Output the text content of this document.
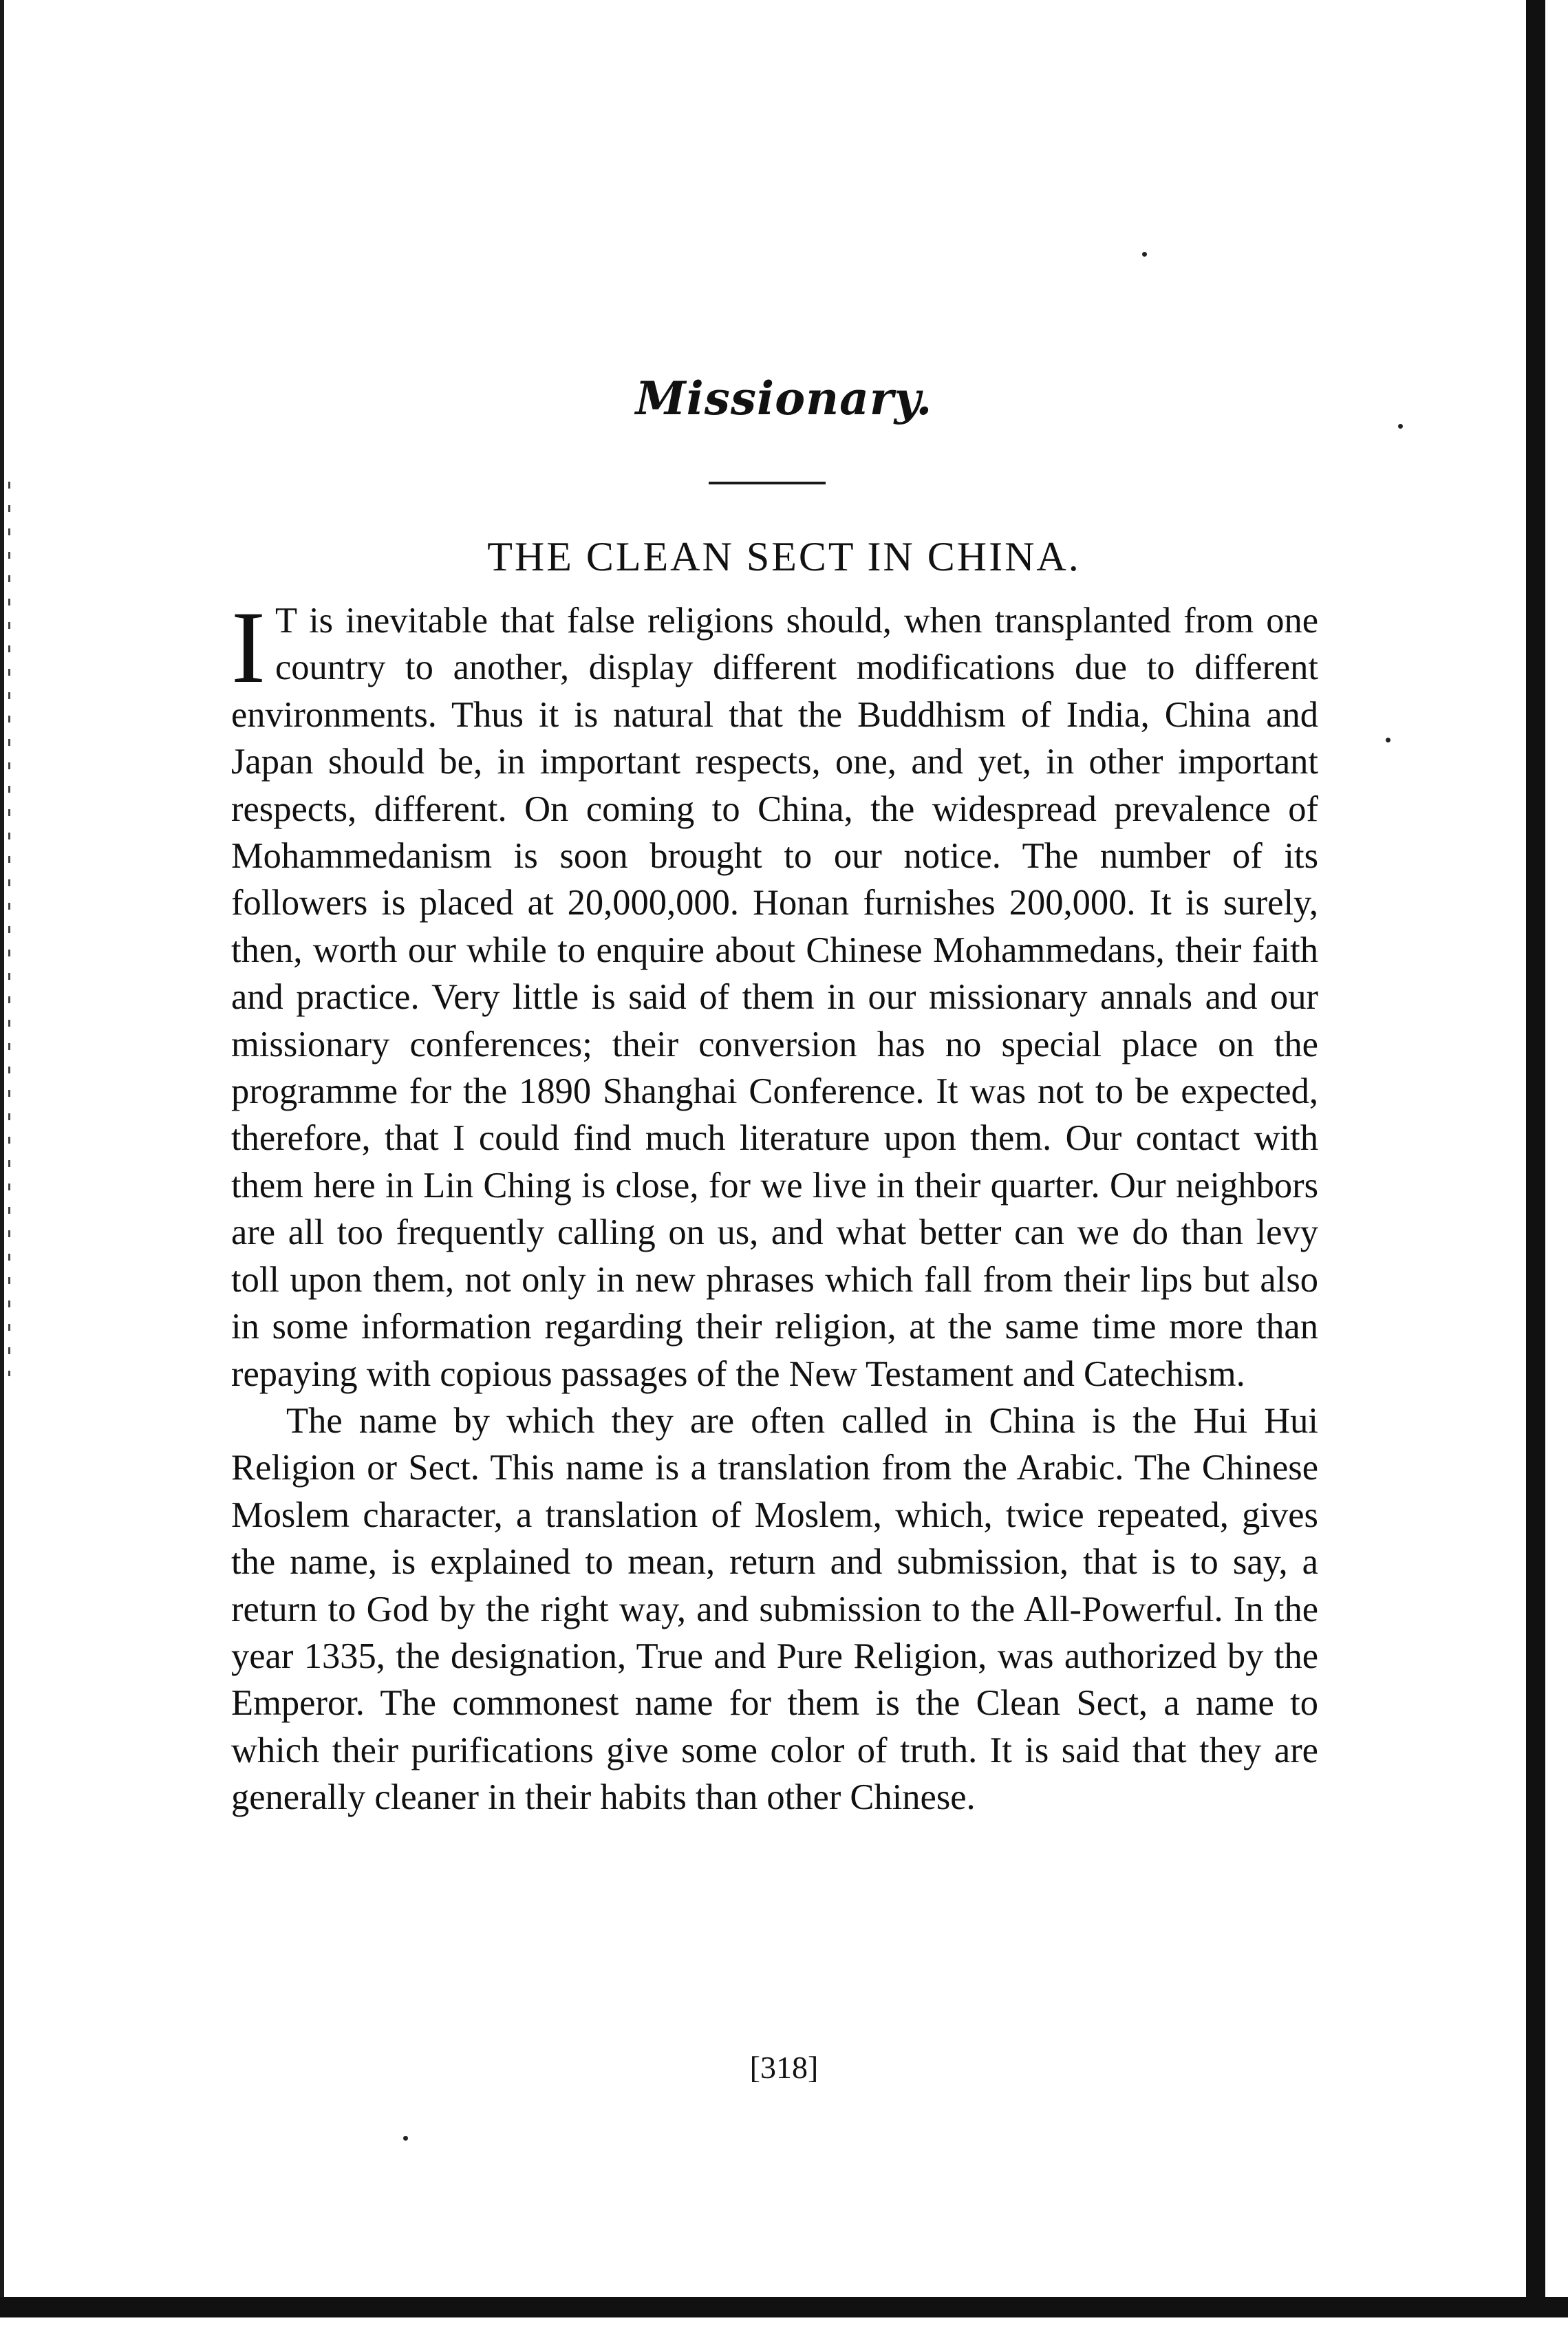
Missionary.
THE CLEAN SECT IN CHINA.

IT is inevitable that false religions should, when transplanted from one country to another, display different modifications due to different environments. Thus it is natural that the Buddhism of India, China and Japan should be, in important respects, one, and yet, in other important respects, different. On coming to China, the widespread prevalence of Mohammedanism is soon brought to our notice. The number of its followers is placed at 20,000,000. Honan furnishes 200,000. It is surely, then, worth our while to enquire about Chinese Mohammedans, their faith and practice. Very little is said of them in our missionary annals and our missionary conferences; their conversion has no special place on the programme for the 1890 Shanghai Conference. It was not to be expected, therefore, that I could find much literature upon them. Our contact with them here in Lin Ching is close, for we live in their quarter. Our neighbors are all too frequently calling on us, and what better can we do than levy toll upon them, not only in new phrases which fall from their lips but also in some information regarding their religion, at the same time more than repaying with copious passages of the New Testament and Catechism.

The name by which they are often called in China is the Hui Hui Religion or Sect. This name is a translation from the Arabic. The Chinese Moslem character, a translation of Moslem, which, twice repeated, gives the name, is explained to mean, return and submission, that is to say, a return to God by the right way, and submission to the All-Powerful. In the year 1335, the designation, True and Pure Religion, was authorized by the Emperor. The commonest name for them is the Clean Sect, a name to which their purifications give some color of truth. It is said that they are generally cleaner in their habits than other Chinese.

[318]
